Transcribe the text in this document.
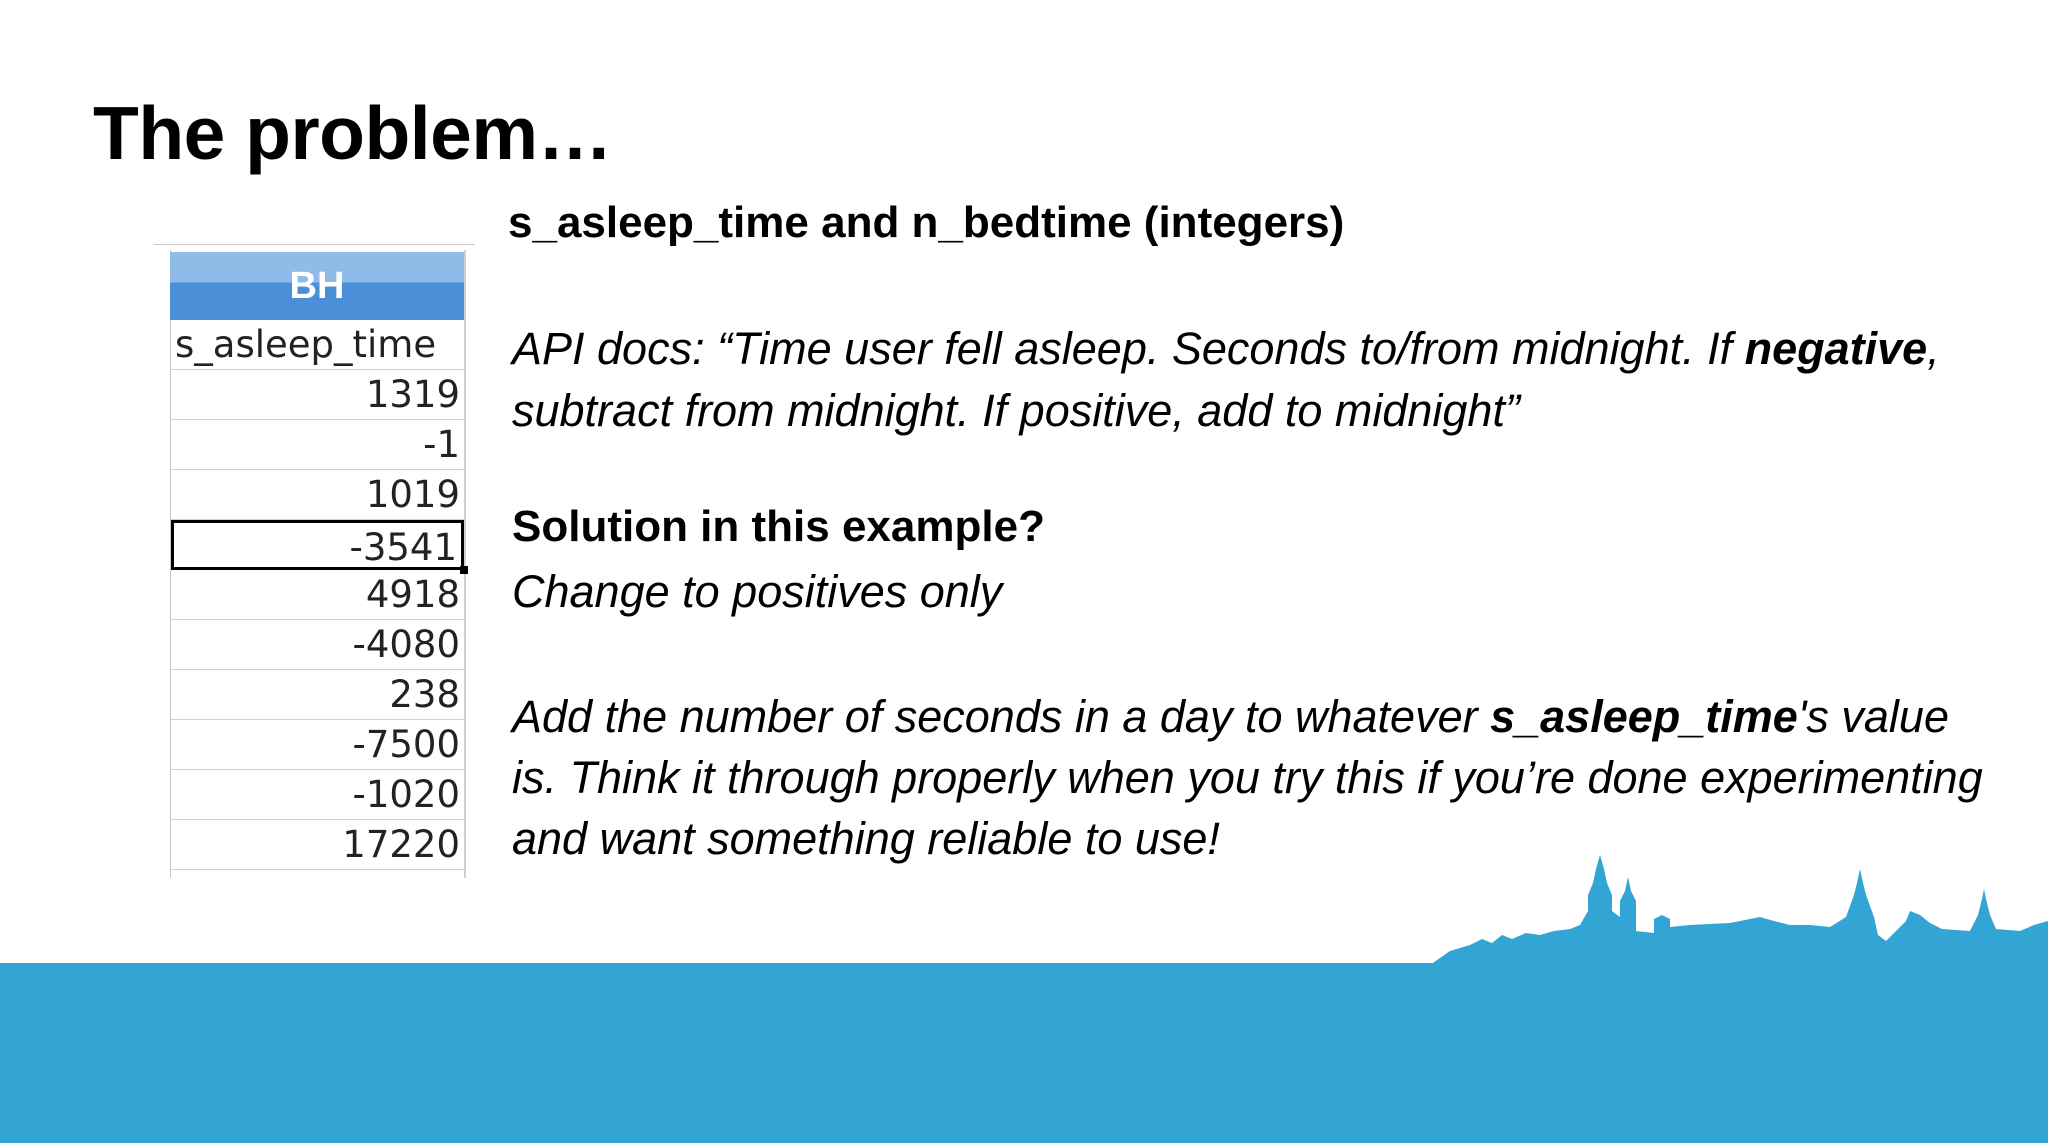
The problem…
BH
s_asleep_time
1319
-1
1019
-3541
4918
-4080
238
-7500
-1020
17220
s_asleep_time and n_bedtime (integers)
API docs: “Time user fell asleep. Seconds to/from midnight. If negative, subtract from midnight. If positive, add to midnight”
Solution in this example?
Change to positives only
Add the number of seconds in a day to whatever s_asleep_time's value is. Think it through properly when you try this if you’re done experimenting and want something reliable to use!
